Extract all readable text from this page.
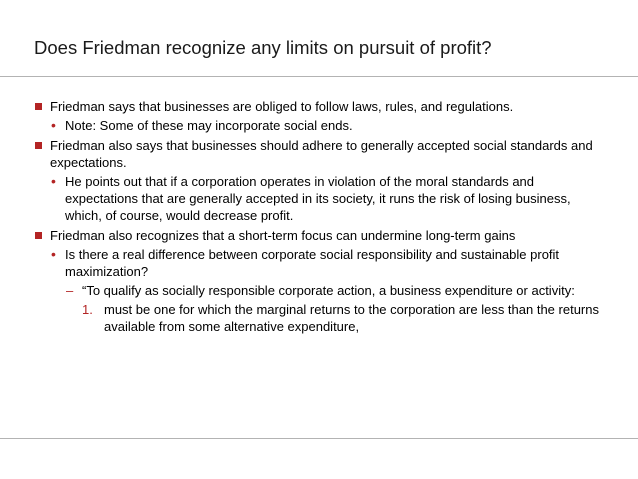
Does Friedman recognize any limits on pursuit of profit?
Friedman says that businesses are obliged to follow laws, rules, and regulations.
• Note: Some of these may incorporate social ends.
Friedman also says that businesses should adhere to generally accepted social standards and expectations.
• He points out that if a corporation operates in violation of the moral standards and expectations that are generally accepted in its society, it runs the risk of losing business, which, of course, would decrease profit.
Friedman also recognizes that a short-term focus can undermine long-term gains
• Is there a real difference between corporate social responsibility and sustainable profit maximization?
– “To qualify as socially responsible corporate action, a business expenditure or activity:
1. must be one for which the marginal returns to the corporation are less than the returns available from some alternative expenditure,
